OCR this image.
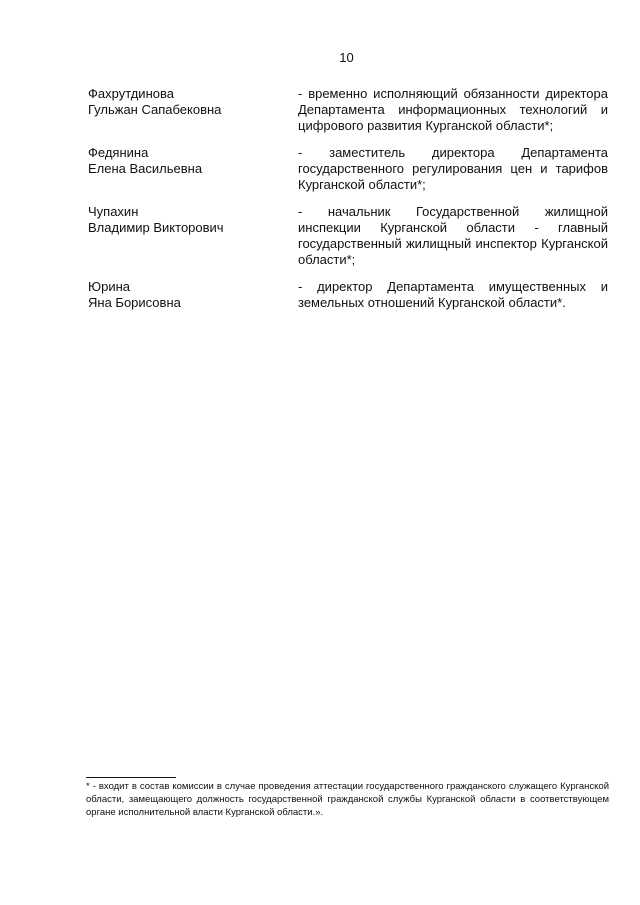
10
Фахрутдинова
Гульжан Сапабековна
- временно исполняющий обязанности директора Департамента информационных технологий и цифрового развития Курганской области*;
Федянина
Елена Васильевна
- заместитель директора Департамента государственного регулирования цен и тарифов Курганской области*;
Чупахин
Владимир Викторович
- начальник Государственной жилищной инспекции Курганской области - главный государственный жилищный инспектор Курганской области*;
Юрина
Яна Борисовна
- директор Департамента имущественных и земельных отношений Курганской области*.
* - входит в состав комиссии в случае проведения аттестации государственного гражданского служащего Курганской области, замещающего должность государственной гражданской службы Курганской области в соответствующем органе исполнительной власти Курганской области.».
